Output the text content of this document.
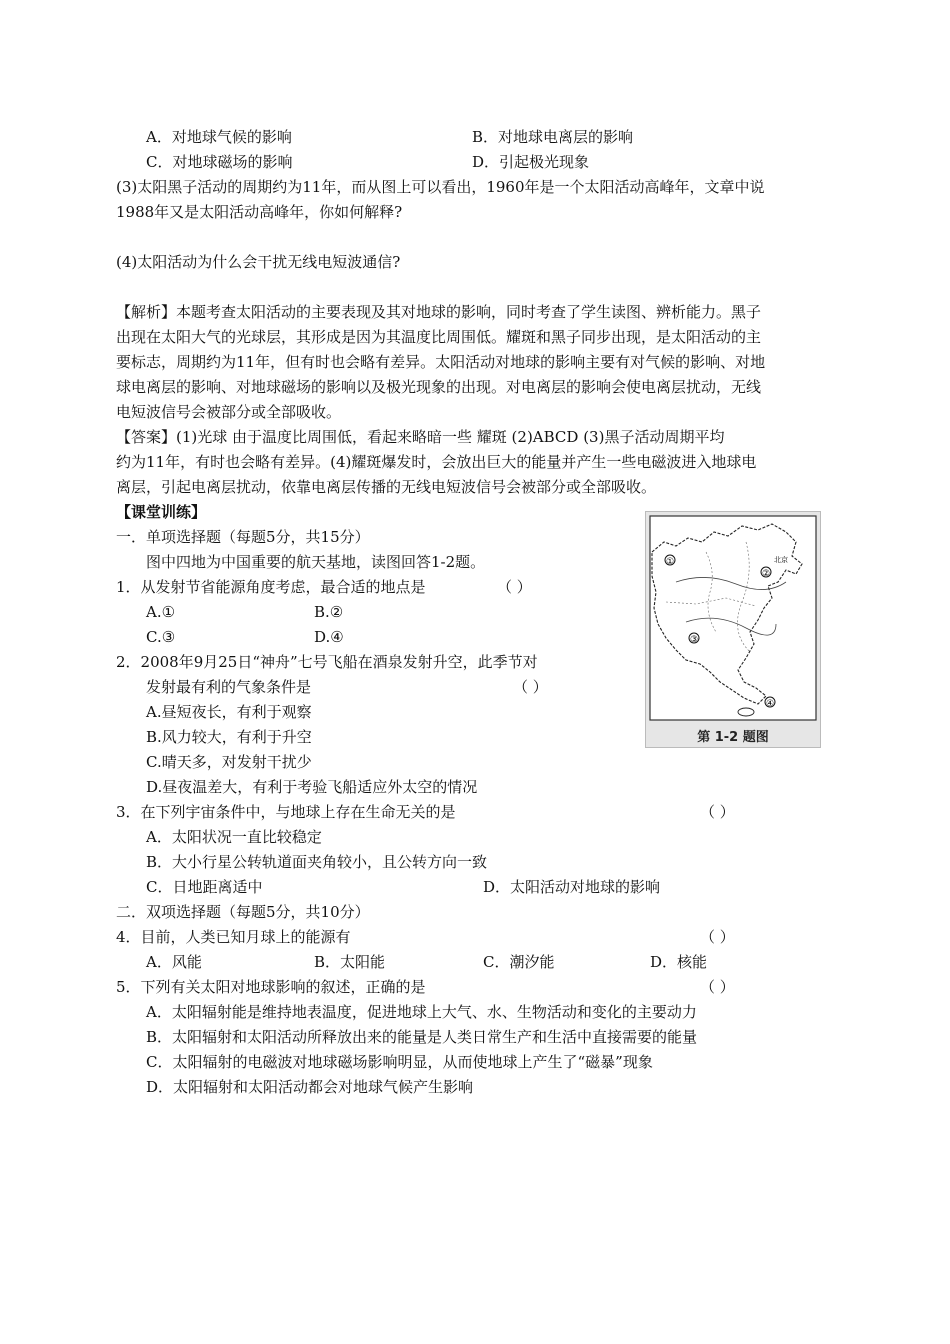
A．对地球气候的影响	B．对地球电离层的影响
C．对地球磁场的影响	D．引起极光现象
(3)太阳黑子活动的周期约为11年，而从图上可以看出，1960年是一个太阳活动高峰年，文章中说
1988年又是太阳活动高峰年，你如何解释?
(4)太阳活动为什么会干扰无线电短波通信?
【解析】本题考查太阳活动的主要表现及其对地球的影响，同时考查了学生读图、辨析能力。黑子
出现在太阳大气的光球层，其形成是因为其温度比周围低。耀斑和黑子同步出现，是太阳活动的主
要标志，周期约为11年，但有时也会略有差异。太阳活动对地球的影响主要有对气候的影响、对地
球电离层的影响、对地球磁场的影响以及极光现象的出现。对电离层的影响会使电离层扰动，无线
电短波信号会被部分或全部吸收。
【答案】(1)光球 由于温度比周围低，看起来略暗一些 耀斑 (2)ABCD (3)黑子活动周期平均
约为11年，有时也会略有差异。(4)耀斑爆发时，会放出巨大的能量并产生一些电磁波进入地球电
离层，引起电离层扰动，依靠电离层传播的无线电短波信号会被部分或全部吸收。
【课堂训练】
一．单项选择题（每题5分，共15分）
图中四地为中国重要的航天基地，读图回答1-2题。
1．从发射节省能源角度考虑，最合适的地点是	（ ）
A.①	B.②
C.③	D.④
2．2008年9月25日“神舟”七号飞船在酒泉发射升空，此季节对
发射最有利的气象条件是	（ ）
A.昼短夜长，有利于观察
B.风力较大，有利于升空
C.晴天多，对发射干扰少
D.昼夜温差大，有利于考验飞船适应外太空的情况
3．在下列宇宙条件中，与地球上存在生命无关的是	（ ）
A．太阳状况一直比较稳定
B．大小行星公转轨道面夹角较小，且公转方向一致
C．日地距离适中	D．太阳活动对地球的影响
二．双项选择题（每题5分，共10分）
4．目前，人类已知月球上的能源有	（ ）
A．风能	B．太阳能	C．潮汐能	D．核能
5．下列有关太阳对地球影响的叙述，正确的是	（ ）
A．太阳辐射能是维持地表温度，促进地球上大气、水、生物活动和变化的主要动力
B．太阳辐射和太阳活动所释放出来的能量是人类日常生产和生活中直接需要的能量
C．太阳辐射的电磁波对地球磁场影响明显，从而使地球上产生了“磁暴”现象
D．太阳辐射和太阳活动都会对地球气候产生影响
①
②
北京
③
④
第 1-2 题图
